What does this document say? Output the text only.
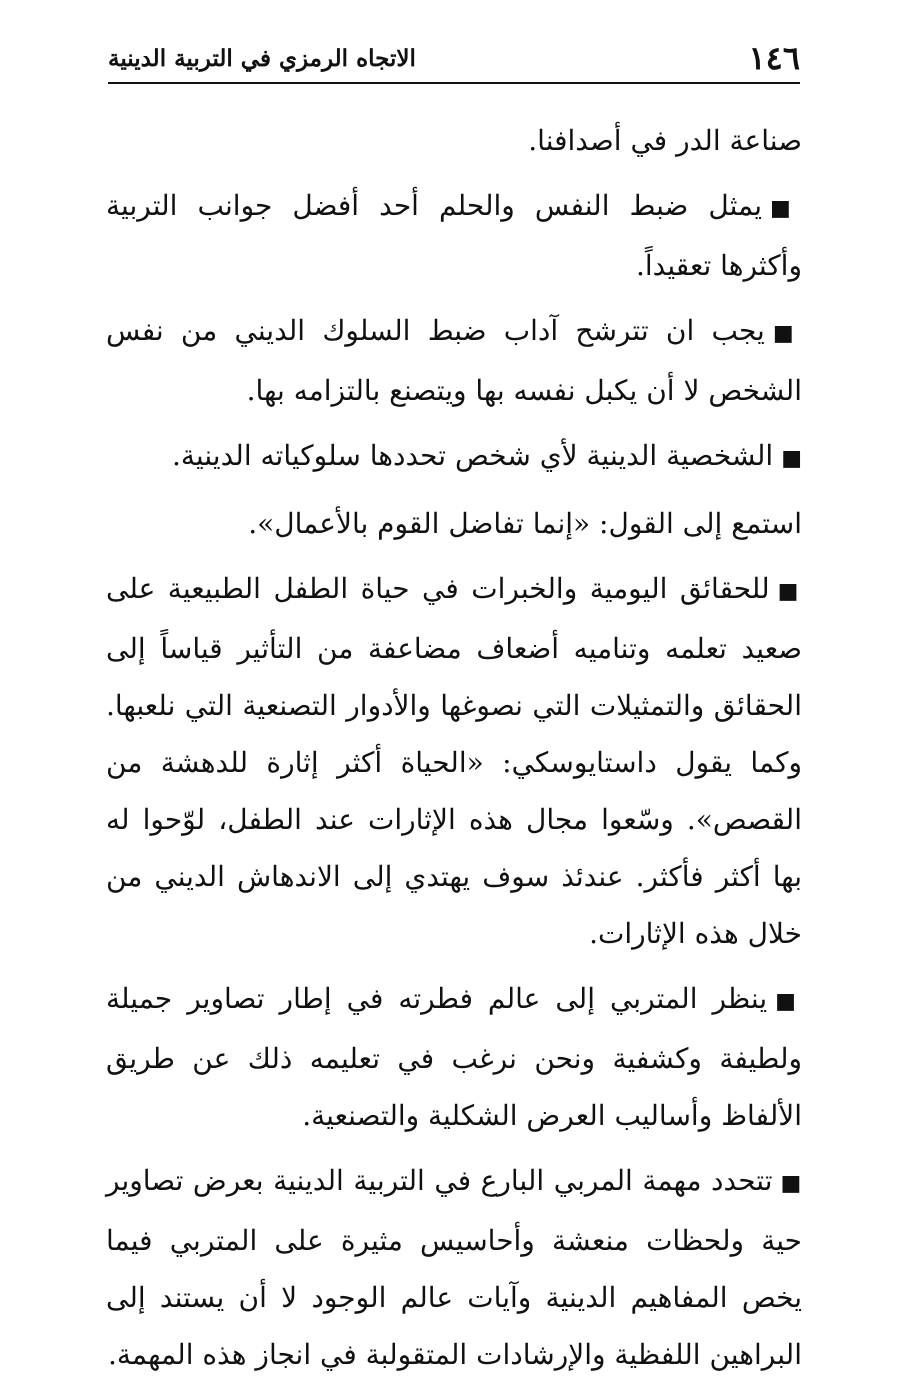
١٤٦
الاتجاه الرمزي في التربية الدينية

صناعة الدر في أصدافنا.

■يمثل ضبط النفس والحلم أحد أفضل جوانب التربية وأكثرها تعقيداً.

■يجب ان تترشح آداب ضبط السلوك الديني من نفس الشخص لا أن يكبل نفسه بها ويتصنع بالتزامه بها.

■الشخصية الدينية لأي شخص تحددها سلوكياته الدينية.

استمع إلى القول: «إنما تفاضل القوم بالأعمال».

■للحقائق اليومية والخبرات في حياة الطفل الطبيعية على صعيد تعلمه وتناميه أضعاف مضاعفة من التأثير قياساً إلى الحقائق والتمثيلات التي نصوغها والأدوار التصنعية التي نلعبها. وكما يقول داستايوسكي: «الحياة أكثر إثارة للدهشة من القصص». وسّعوا مجال هذه الإثارات عند الطفل، لوّحوا له بها أكثر فأكثر. عندئذ سوف يهتدي إلى الاندهاش الديني من خلال هذه الإثارات.

■ينظر المتربي إلى عالم فطرته في إطار تصاوير جميلة ولطيفة وكشفية ونحن نرغب في تعليمه ذلك عن طريق الألفاظ وأساليب العرض الشكلية والتصنعية.

■تتحدد مهمة المربي البارع في التربية الدينية بعرض تصاوير حية ولحظات منعشة وأحاسيس مثيرة على المتربي فيما يخص المفاهيم الدينية وآيات عالم الوجود لا أن يستند إلى البراهين اللفظية والإرشادات المتقولبة في انجاز هذه المهمة.
